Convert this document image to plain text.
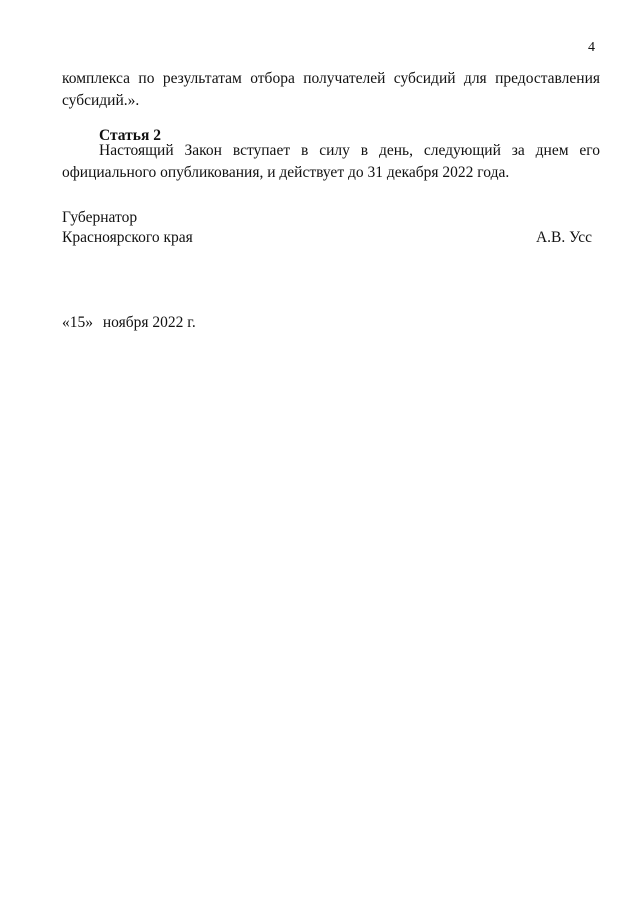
4
комплекса по результатам отбора получателей субсидий для предоставления
субсидий.».
Статья 2
Настоящий Закон вступает в силу в день, следующий за днем его
официального опубликования, и действует до 31 декабря 2022 года.
Губернатор
Красноярского края	А.В. Усс
«15» ноября 2022 г.
